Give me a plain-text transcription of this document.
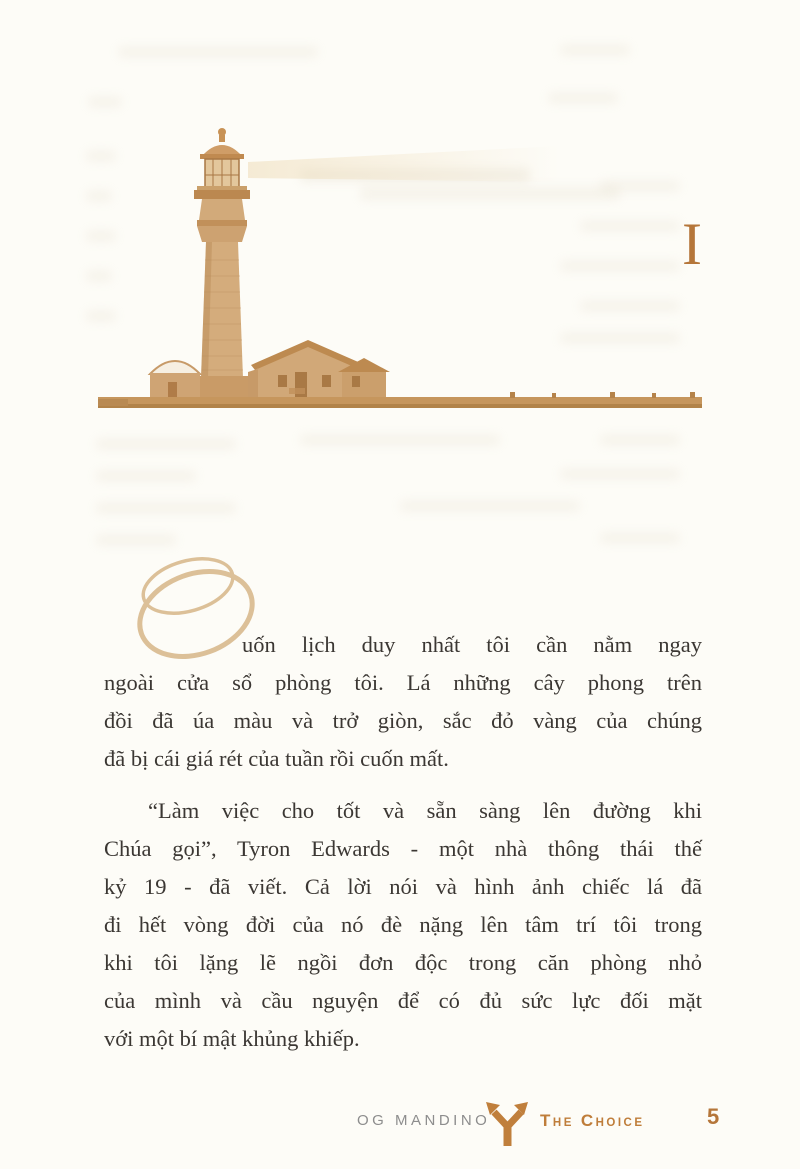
I
uốn lịch duy nhất tôi cần nằm ngay
ngoài cửa sổ phòng tôi. Lá những cây phong trên
đồi đã úa màu và trở giòn, sắc đỏ vàng của chúng
đã bị cái giá rét của tuần rồi cuốn mất.
“Làm việc cho tốt và sẵn sàng lên đường khi
Chúa gọi”, Tyron Edwards - một nhà thông thái thế
kỷ 19 - đã viết. Cả lời nói và hình ảnh chiếc lá đã
đi hết vòng đời của nó đè nặng lên tâm trí tôi trong
khi tôi lặng lẽ ngồi đơn độc trong căn phòng nhỏ
của mình và cầu nguyện để có đủ sức lực đối mặt
với một bí mật khủng khiếp.
OG MANDINO	THE CHOICE	5
